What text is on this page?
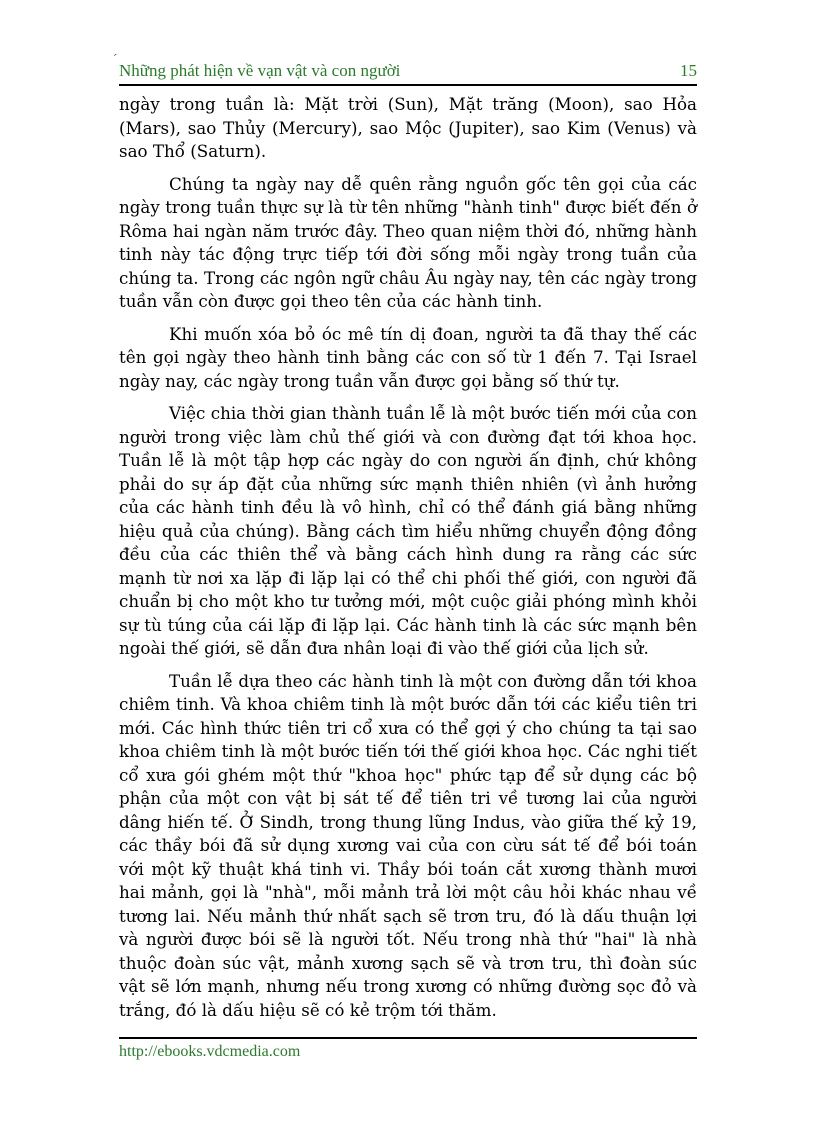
´
Những phát hiện về vạn vật và con người	15

ngày trong tuần là: Mặt trời (Sun), Mặt trăng (Moon), sao Hỏa (Mars), sao Thủy (Mercury), sao Mộc (Jupiter), sao Kim (Venus) và sao Thổ (Saturn).

Chúng ta ngày nay dễ quên rằng nguồn gốc tên gọi của các ngày trong tuần thực sự là từ tên những "hành tinh" được biết đến ở Rôma hai ngàn năm trước đây. Theo quan niệm thời đó, những hành tinh này tác động trực tiếp tới đời sống mỗi ngày trong tuần của chúng ta. Trong các ngôn ngữ châu Âu ngày nay, tên các ngày trong tuần vẫn còn được gọi theo tên của các hành tinh.

Khi muốn xóa bỏ óc mê tín dị đoan, người ta đã thay thế các tên gọi ngày theo hành tinh bằng các con số từ 1 đến 7. Tại Israel ngày nay, các ngày trong tuần vẫn được gọi bằng số thứ tự.

Việc chia thời gian thành tuần lễ là một bước tiến mới của con người trong việc làm chủ thế giới và con đường đạt tới khoa học. Tuần lễ là một tập hợp các ngày do con người ấn định, chứ không phải do sự áp đặt của những sức mạnh thiên nhiên (vì ảnh hưởng của các hành tinh đều là vô hình, chỉ có thể đánh giá bằng những hiệu quả của chúng). Bằng cách tìm hiểu những chuyển động đồng đều của các thiên thể và bằng cách hình dung ra rằng các sức mạnh từ nơi xa lặp đi lặp lại có thể chi phối thế giới, con người đã chuẩn bị cho một kho tư tưởng mới, một cuộc giải phóng mình khỏi sự tù túng của cái lặp đi lặp lại. Các hành tinh là các sức mạnh bên ngoài thế giới, sẽ dẫn đưa nhân loại đi vào thế giới của lịch sử.

Tuần lễ dựa theo các hành tinh là một con đường dẫn tới khoa chiêm tinh. Và khoa chiêm tinh là một bước dẫn tới các kiểu tiên tri mới. Các hình thức tiên tri cổ xưa có thể gợi ý cho chúng ta tại sao khoa chiêm tinh là một bước tiến tới thế giới khoa học. Các nghi tiết cổ xưa gói ghém một thứ "khoa học" phức tạp để sử dụng các bộ phận của một con vật bị sát tế để tiên tri về tương lai của người dâng hiến tế. Ở Sindh, trong thung lũng Indus, vào giữa thế kỷ 19, các thầy bói đã sử dụng xương vai của con cừu sát tế để bói toán với một kỹ thuật khá tinh vi. Thầy bói toán cắt xương thành mươi hai mảnh, gọi là "nhà", mỗi mảnh trả lời một câu hỏi khác nhau về tương lai. Nếu mảnh thứ nhất sạch sẽ trơn tru, đó là dấu thuận lợi và người được bói sẽ là người tốt. Nếu trong nhà thứ "hai" là nhà thuộc đoàn súc vật, mảnh xương sạch sẽ và trơn tru, thì đoàn súc vật sẽ lớn mạnh, nhưng nếu trong xương có những đường sọc đỏ và trắng, đó là dấu hiệu sẽ có kẻ trộm tới thăm.

http://ebooks.vdcmedia.com
